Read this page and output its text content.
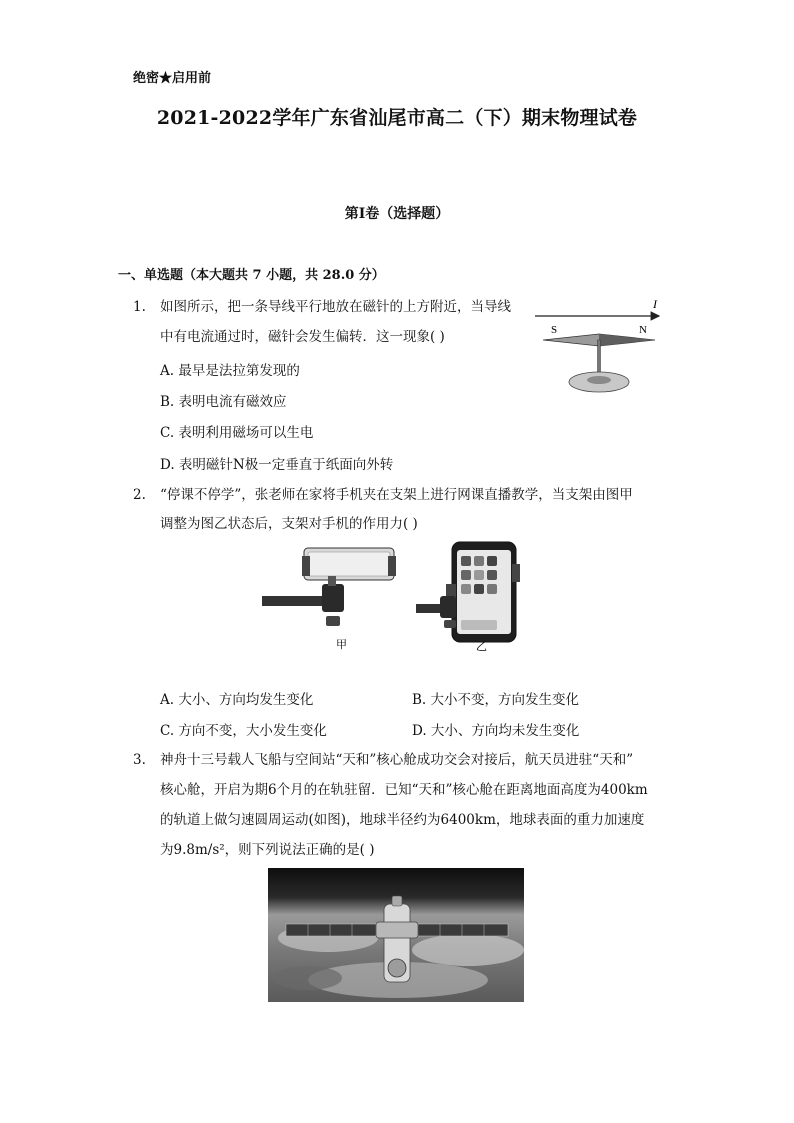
绝密★启用前
2021-2022学年广东省汕尾市高二（下）期末物理试卷
第I卷（选择题）
一、单选题（本大题共 7 小题，共 28.0 分）
1.	如图所示，把一条导线平行地放在磁针的上方附近，当导线
中有电流通过时，磁针会发生偏转．这一现象( )
A. 最早是法拉第发现的
B. 表明电流有磁效应
C. 表明利用磁场可以生电
D. 表明磁针N极一定垂直于纸面向外转
I
S	N
2.	“停课不停学”，张老师在家将手机夹在支架上进行网课直播教学，当支架由图甲
调整为图乙状态后，支架对手机的作用力( )
甲	乙
A. 大小、方向均发生变化	B. 大小不变，方向发生变化
C. 方向不变，大小发生变化	D. 大小、方向均未发生变化
3.	神舟十三号载人飞船与空间站“天和”核心舱成功交会对接后，航天员进驻“天和”
核心舱，开启为期6个月的在轨驻留．已知“天和”核心舱在距离地面高度为400km
的轨道上做匀速圆周运动(如图)，地球半径约为6400km，地球表面的重力加速度
为9.8m/s²，则下列说法正确的是( )
